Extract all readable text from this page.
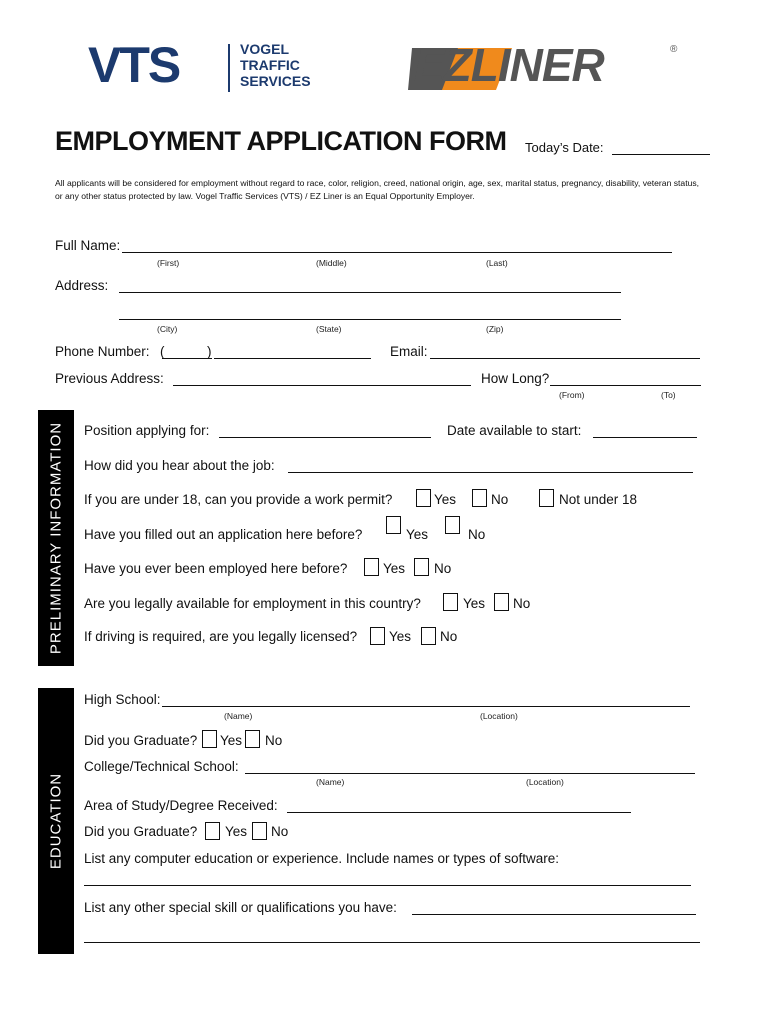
VTS	VOGEL
TRAFFIC
SERVICES EZLINER	®
EMPLOYMENT APPLICATION FORM Today’s Date:
All applicants will be considered for employment without regard to race, color, religion, creed, national origin, age, sex, marital status, pregnancy, disability, veteran status, or any other status protected by law. Vogel Traffic Services (VTS) / EZ Liner is an Equal Opportunity Employer.
Full Name:
(First)	(Middle)	(Last)
Address:
(City)	(State)	(Zip)
Phone Number: (	)	Email:
Previous Address:	How Long?
(From)	(To)
PRELIMINARY INFORMATION Position applying for:	Date available to start:
How did you hear about the job:
If you are under 18, can you provide a work permit?	Yes	No	Not under 18
Have you filled out an application here before?	Yes	No
Have you ever been employed here before?	Yes No
Are you legally available for employment in this country?	Yes No
If driving is required, are you legally licensed? Yes No
EDUCATION
High School:
(Name)	(Location)
Did you Graduate? Yes No
College/Technical School:
(Name)	(Location)
Area of Study/Degree Received:
Did you Graduate? Yes No
List any computer education or experience. Include names or types of software:
List any other special skill or qualifications you have:
